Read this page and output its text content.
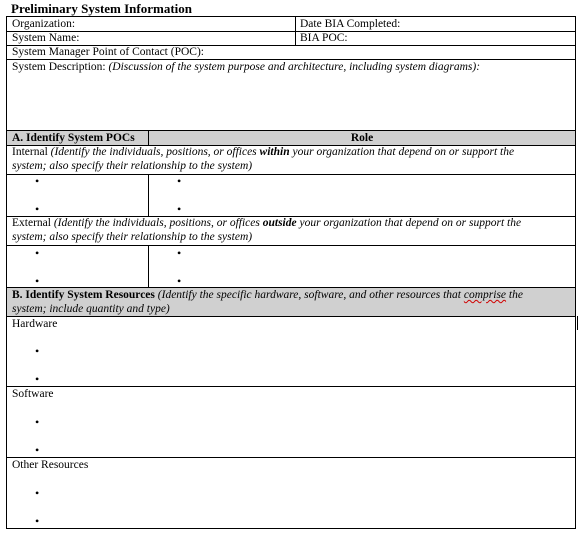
Preliminary System Information
Organization:	Date BIA Completed:
System Name:	BIA POC:
System Manager Point of Contact (POC):
System Description: (Discussion of the system purpose and architecture, including system diagrams):
A. Identify System POCs	Role
Internal (Identify the individuals, positions, or offices within your organization that depend on or support the system; also specify their relationship to the system)
•	•
•	•
External (Identify the individuals, positions, or offices outside your organization that depend on or support the system; also specify their relationship to the system)
•	•
•	•
B. Identify System Resources (Identify the specific hardware, software, and other resources that comprise the system; include quantity and type)
Hardware
•
•
Software
•
•
Other Resources
•
•
